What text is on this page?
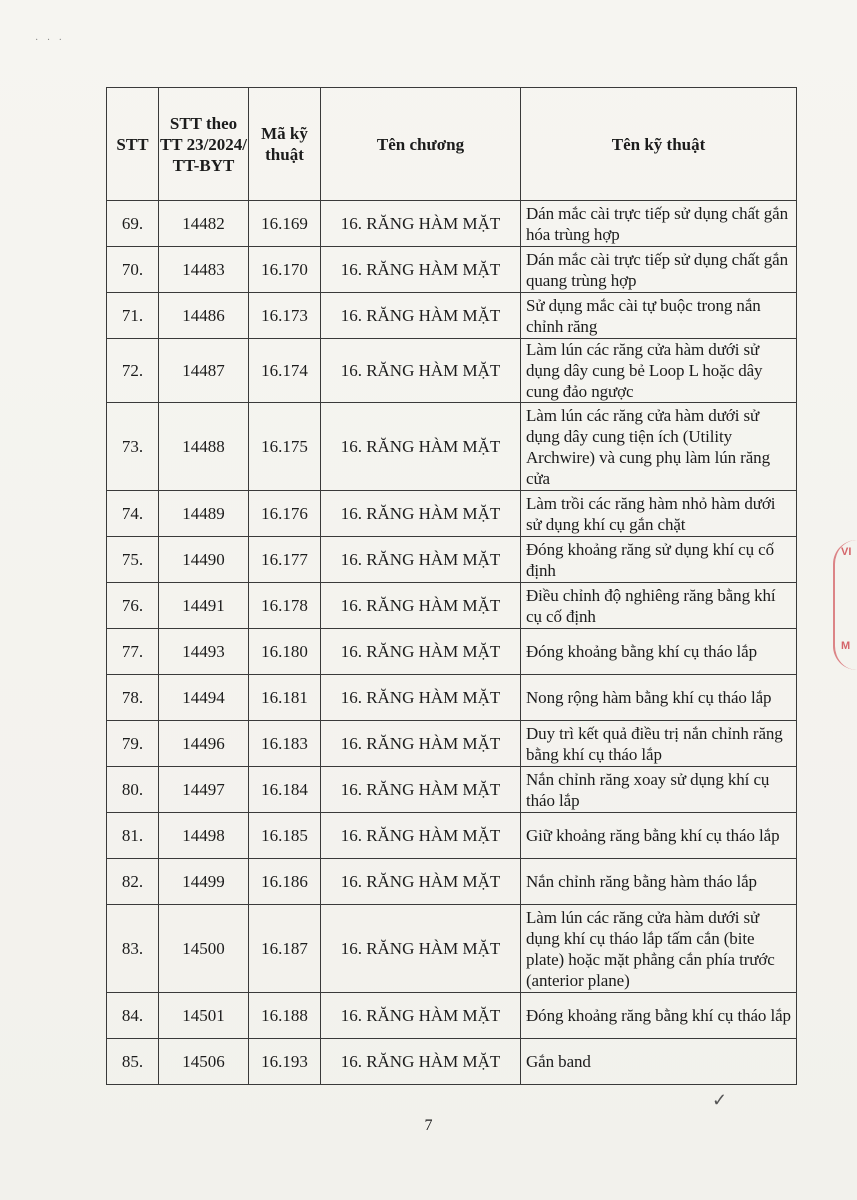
· · ·
STT	STT theo TT 23/2024/ TT-BYT	Mã kỹ thuật	Tên chương	Tên kỹ thuật
69.	14482	16.169	16. RĂNG HÀM MẶT	Dán mắc cài trực tiếp sử dụng chất gắn hóa trùng hợp
70.	14483	16.170	16. RĂNG HÀM MẶT	Dán mắc cài trực tiếp sử dụng chất gắn quang trùng hợp
71.	14486	16.173	16. RĂNG HÀM MẶT	Sử dụng mắc cài tự buộc trong nắn chỉnh răng
72.	14487	16.174	16. RĂNG HÀM MẶT	Làm lún các răng cửa hàm dưới sử dụng dây cung bẻ Loop L hoặc dây cung đảo ngược
73.	14488	16.175	16. RĂNG HÀM MẶT	Làm lún các răng cửa hàm dưới sử dụng dây cung tiện ích (Utility Archwire) và cung phụ làm lún răng cửa
74.	14489	16.176	16. RĂNG HÀM MẶT	Làm trồi các răng hàm nhỏ hàm dưới sử dụng khí cụ gắn chặt
75.	14490	16.177	16. RĂNG HÀM MẶT	Đóng khoảng răng sử dụng khí cụ cố định
76.	14491	16.178	16. RĂNG HÀM MẶT	Điều chỉnh độ nghiêng răng bằng khí cụ cố định
77.	14493	16.180	16. RĂNG HÀM MẶT	Đóng khoảng bằng khí cụ tháo lắp
78.	14494	16.181	16. RĂNG HÀM MẶT	Nong rộng hàm bằng khí cụ tháo lắp
79.	14496	16.183	16. RĂNG HÀM MẶT	Duy trì kết quả điều trị nắn chỉnh răng bằng khí cụ tháo lắp
80.	14497	16.184	16. RĂNG HÀM MẶT	Nắn chỉnh răng xoay sử dụng khí cụ tháo lắp
81.	14498	16.185	16. RĂNG HÀM MẶT	Giữ khoảng răng bằng khí cụ tháo lắp
82.	14499	16.186	16. RĂNG HÀM MẶT	Nắn chỉnh răng bằng hàm tháo lắp
83.	14500	16.187	16. RĂNG HÀM MẶT	Làm lún các răng cửa hàm dưới sử dụng khí cụ tháo lắp tấm cắn (bite plate) hoặc mặt phẳng cắn phía trước (anterior plane)
84.	14501	16.188	16. RĂNG HÀM MẶT	Đóng khoảng răng bằng khí cụ tháo lắp
85.	14506	16.193	16. RĂNG HÀM MẶT	Gắn band
VI
M
✓
7
